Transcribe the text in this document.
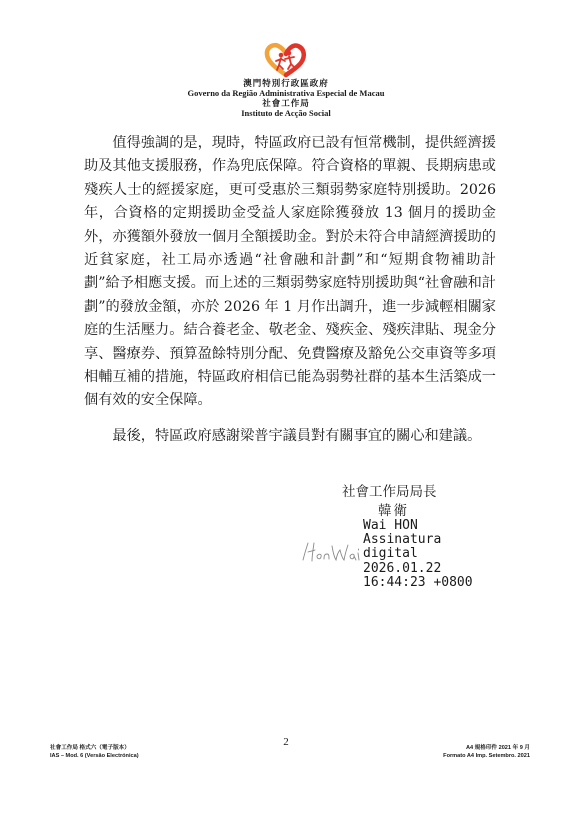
澳門特別行政區政府
Governo da Região Administrativa Especial de Macau
社會工作局
Instituto de Acção Social

值得強調的是，現時，特區政府已設有恒常機制，提供經濟援助及其他支援服務，作為兜底保障。符合資格的單親、長期病患或殘疾人士的經援家庭，更可受惠於三類弱勢家庭特別援助。2026年，合資格的定期援助金受益人家庭除獲發放 13 個月的援助金外，亦獲額外發放一個月全額援助金。對於未符合申請經濟援助的近貧家庭，社工局亦透過“社會融和計劃”和“短期食物補助計劃”給予相應支援。而上述的三類弱勢家庭特別援助與“社會融和計劃”的發放金額，亦於 2026 年 1 月作出調升，進一步減輕相關家庭的生活壓力。結合養老金、敬老金、殘疾金、殘疾津貼、現金分享、醫療券、預算盈餘特別分配、免費醫療及豁免公交車資等多項相輔互補的措施，特區政府相信已能為弱勢社群的基本生活築成一個有效的安全保障。

最後，特區政府感謝梁普宇議員對有關事宜的關心和建議。

社會工作局局長
韓衛
Wai HON
Assinatura
digital
2026.01.22
16:44:23 +0800
2
社會工作局 格式六（電子版本）
IAS – Mod. 6 (Versão Electrónica)
A4 規格印件 2021 年 9 月
Formato A4 Imp. Setembro. 2021
